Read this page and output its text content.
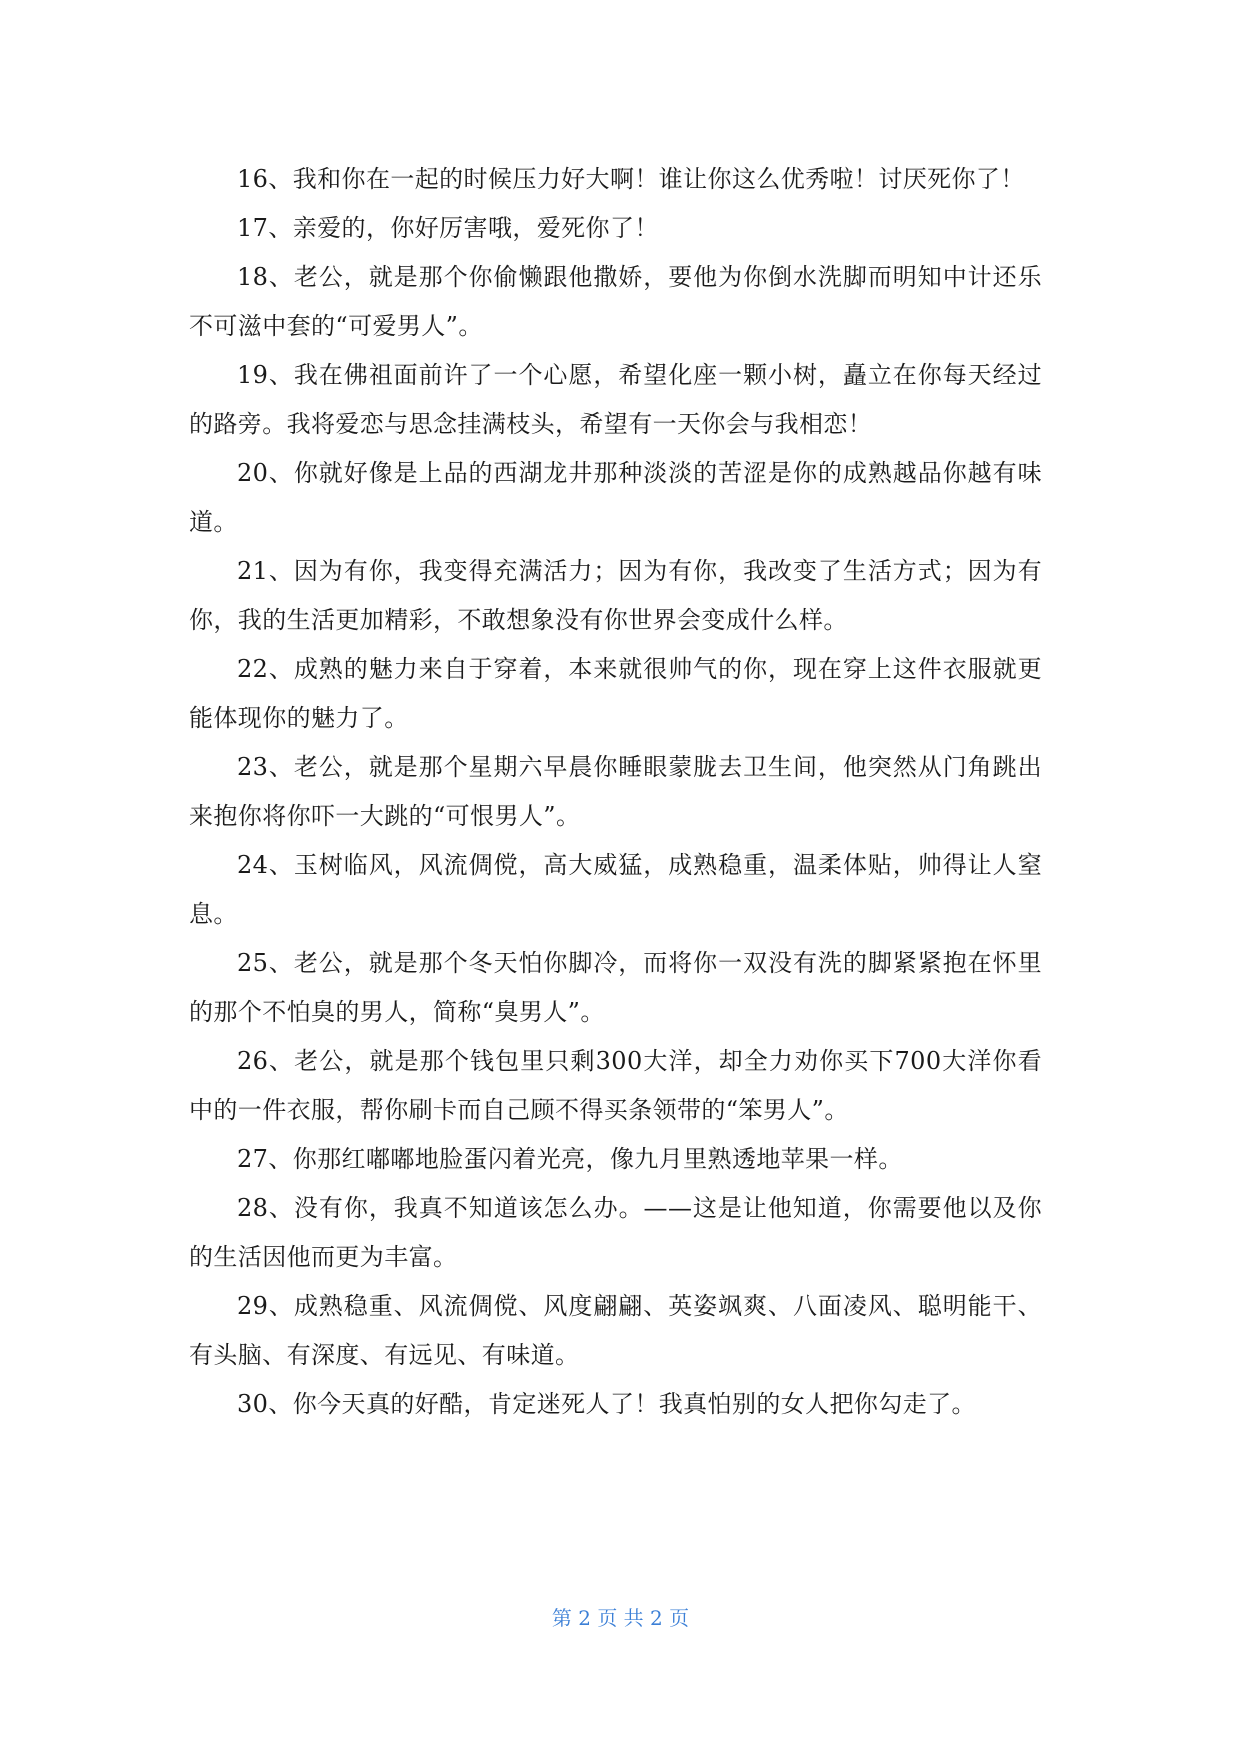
16、我和你在一起的时候压力好大啊！谁让你这么优秀啦！讨厌死你了！

17、亲爱的，你好厉害哦，爱死你了！

18、老公，就是那个你偷懒跟他撒娇，要他为你倒水洗脚而明知中计还乐不可滋中套的“可爱男人”。

19、我在佛祖面前许了一个心愿，希望化座一颗小树，矗立在你每天经过的路旁。我将爱恋与思念挂满枝头，希望有一天你会与我相恋！

20、你就好像是上品的西湖龙井那种淡淡的苦涩是你的成熟越品你越有味道。

21、因为有你，我变得充满活力；因为有你，我改变了生活方式；因为有你，我的生活更加精彩，不敢想象没有你世界会变成什么样。

22、成熟的魅力来自于穿着，本来就很帅气的你，现在穿上这件衣服就更能体现你的魅力了。

23、老公，就是那个星期六早晨你睡眼蒙胧去卫生间，他突然从门角跳出来抱你将你吓一大跳的“可恨男人”。

24、玉树临风，风流倜傥，高大威猛，成熟稳重，温柔体贴，帅得让人窒息。

25、老公，就是那个冬天怕你脚冷，而将你一双没有洗的脚紧紧抱在怀里的那个不怕臭的男人，简称“臭男人”。

26、老公，就是那个钱包里只剩300大洋，却全力劝你买下700大洋你看中的一件衣服，帮你刷卡而自己顾不得买条领带的“笨男人”。

27、你那红嘟嘟地脸蛋闪着光亮，像九月里熟透地苹果一样。

28、没有你，我真不知道该怎么办。——这是让他知道，你需要他以及你的生活因他而更为丰富。

29、成熟稳重、风流倜傥、风度翩翩、英姿飒爽、八面凌风、聪明能干、有头脑、有深度、有远见、有味道。

30、你今天真的好酷，肯定迷死人了！我真怕别的女人把你勾走了。

第 2 页 共 2 页
